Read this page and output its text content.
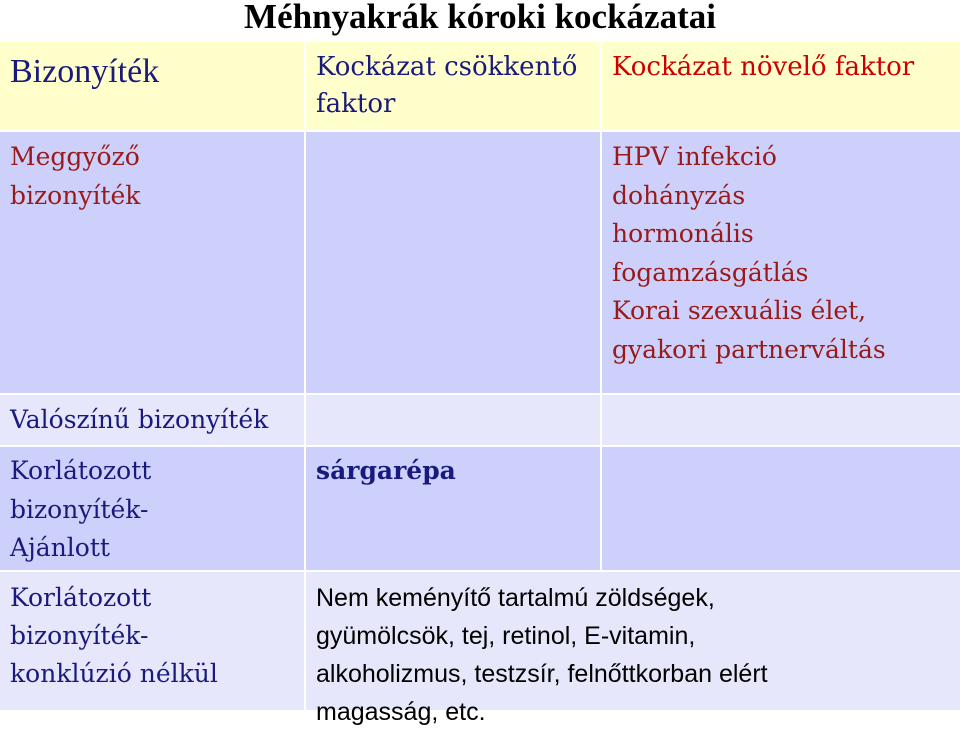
Méhnyakrák kóroki kockázatai
Bizonyíték	Kockázat csökkentő
faktor
Kockázat növelő faktor
Meggyőző
bizonyíték
HPV infekció
dohányzás
hormonális
fogamzásgátlás
Korai szexuális élet,
gyakori partnerváltás
Valószínű bizonyíték
Korlátozott
bizonyíték-
Ajánlott
sárgarépa
Korlátozott
bizonyíték-
konklúzió nélkül
Nem keményítő tartalmú zöldségek,
gyümölcsök, tej, retinol, E-vitamin,
alkoholizmus, testzsír, felnőttkorban elért
magasság, etc.
